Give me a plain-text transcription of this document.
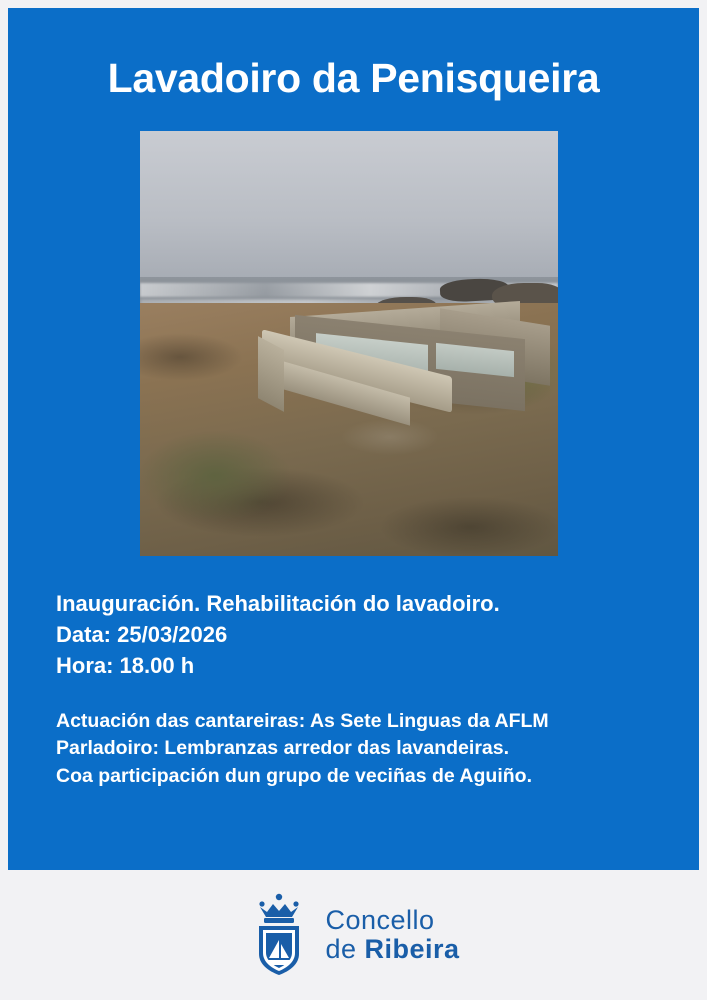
Lavadoiro da Penisqueira
Inauguración. Rehabilitación do lavadoiro.
Data: 25/03/2026
Hora: 18.00 h
Actuación das cantareiras: As Sete Linguas da AFLM
Parladoiro: Lembranzas arredor das lavandeiras.
Coa participación dun grupo de veciñas de Aguiño.
Concello
de Ribeira
